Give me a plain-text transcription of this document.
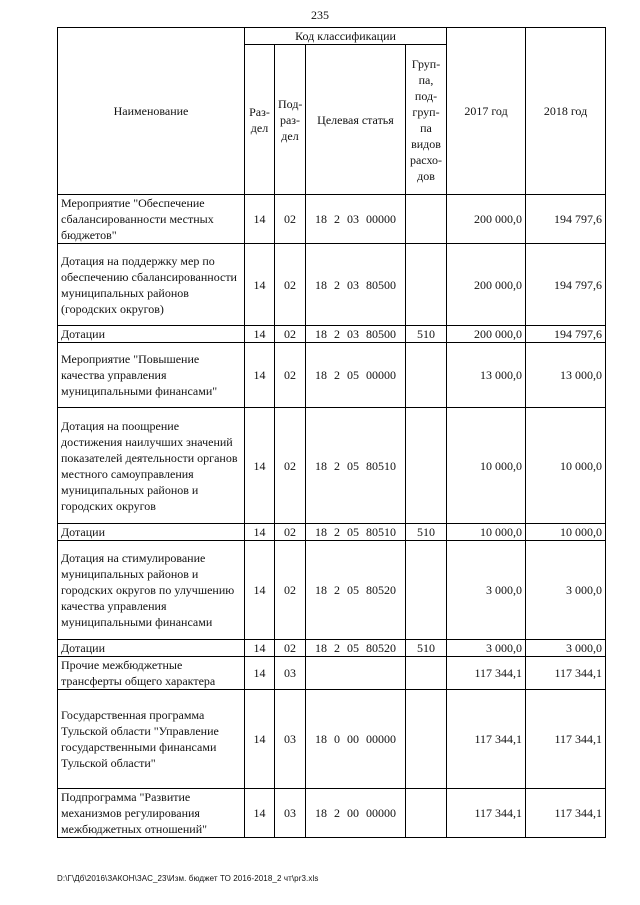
235
Наименование	Код классификации				2017 год	2018 год
	Раз- дел	Под- раз- дел	Целевая статья	Груп- па, под- груп- па видов расхо- дов		
Мероприятие "Обеспечение сбалансированности местных бюджетов"	14	02	18 2 03 00000		200 000,0	194 797,6
Дотация на поддержку мер по обеспечению сбалансированности муниципальных районов (городских округов)	14	02	18 2 03 80500		200 000,0	194 797,6
Дотации	14	02	18 2 03 80500	510	200 000,0	194 797,6
Мероприятие "Повышение качества управления муниципальными финансами"	14	02	18 2 05 00000		13 000,0	13 000,0
Дотация на поощрение достижения наилучших значений показателей деятельности органов местного самоуправления муниципальных районов и городских округов	14	02	18 2 05 80510		10 000,0	10 000,0
Дотации	14	02	18 2 05 80510	510	10 000,0	10 000,0
Дотация на стимулирование муниципальных районов и городских округов по улучшению качества управления муниципальными финансами	14	02	18 2 05 80520		3 000,0	3 000,0
Дотации	14	02	18 2 05 80520	510	3 000,0	3 000,0
Прочие межбюджетные трансферты общего характера	14	03			117 344,1	117 344,1
Государственная программа Тульской области "Управление государственными финансами Тульской области"	14	03	18 0 00 00000		117 344,1	117 344,1
Подпрограмма "Развитие механизмов регулирования межбюджетных отношений"	14	03	18 2 00 00000		117 344,1	117 344,1
D:\Г\Дб\2016\ЗАКОН\ЗАС_23\Изм. бюджет ТО 2016-2018_2 чт\pr3.xls
